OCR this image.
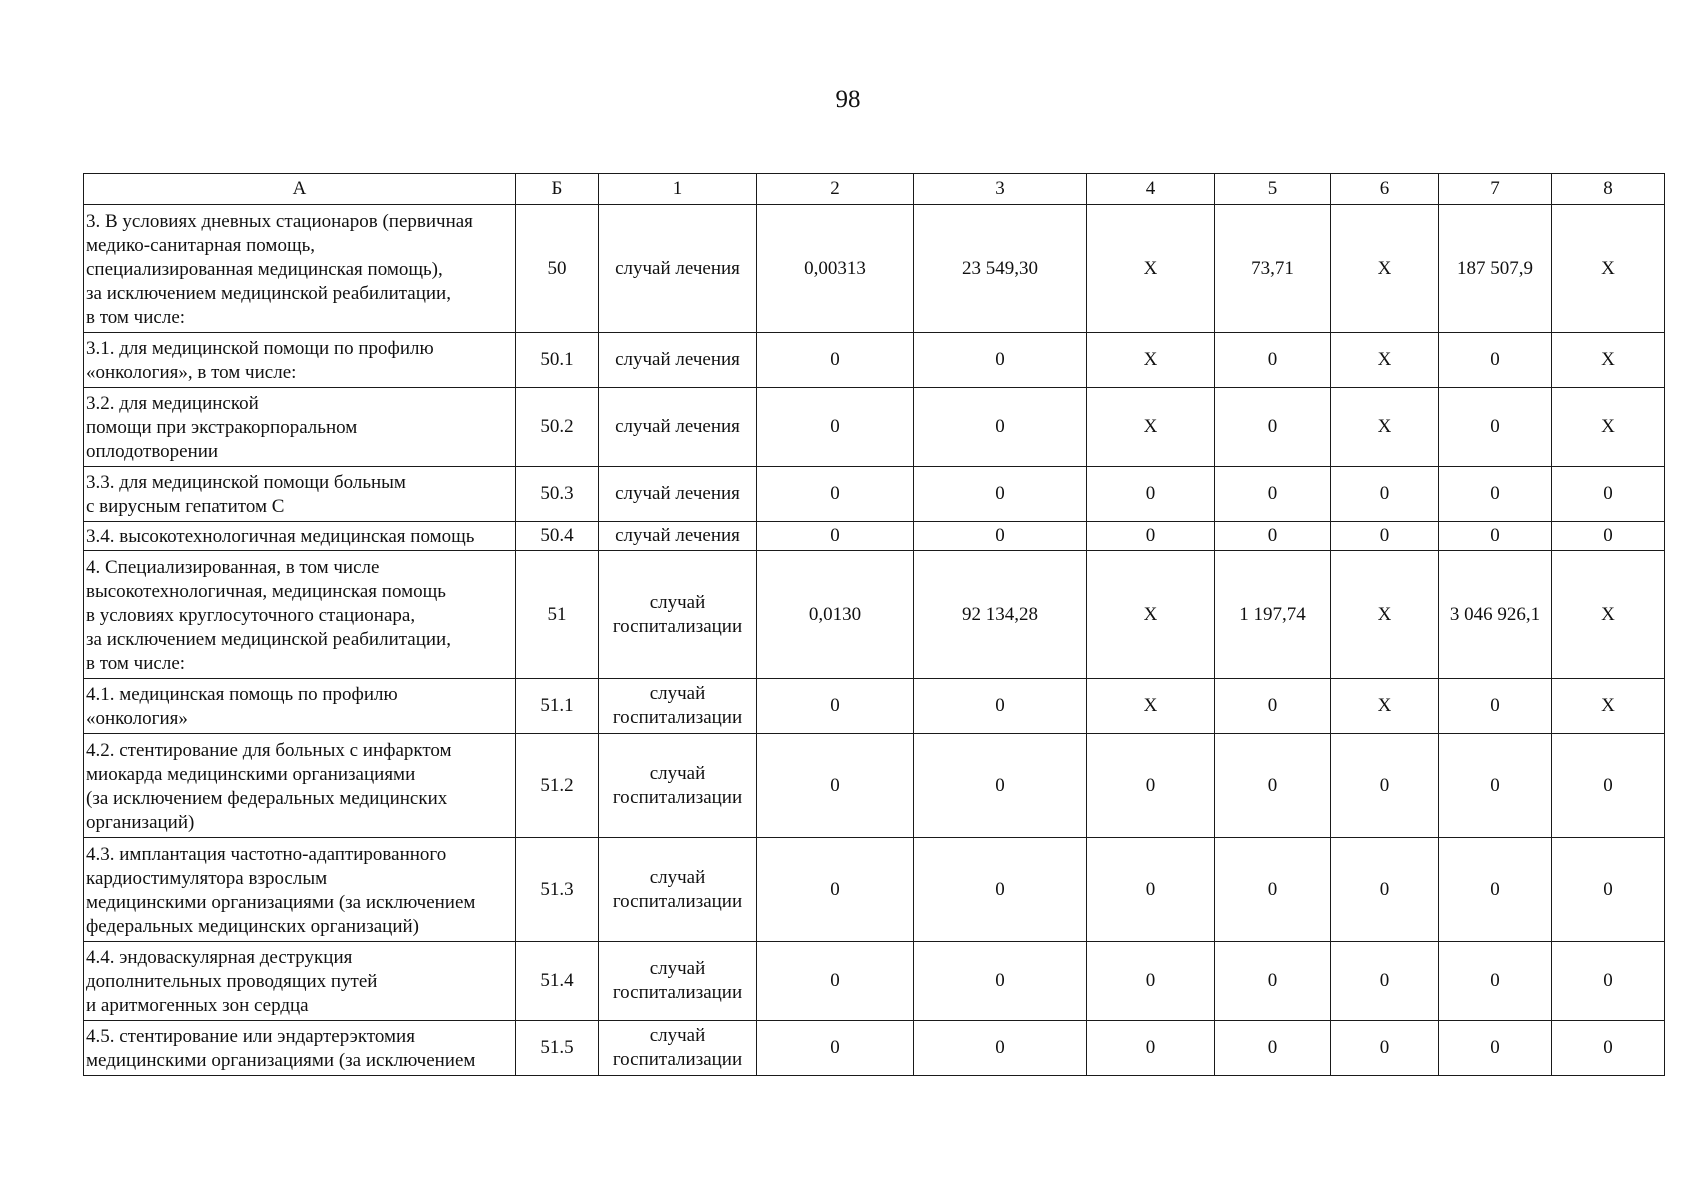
98
А	Б	1	2	3	4	5	6	7	8
3. В условиях дневных стационаров (первичная
медико-санитарная помощь,
специализированная медицинская помощь),
за исключением медицинской реабилитации,
в том числе:	50	случай лечения	0,00313	23 549,30	Х	73,71	Х	187 507,9	Х
3.1. для медицинской помощи по профилю
«онкология», в том числе:	50.1	случай лечения	0	0	Х	0	Х	0	Х
3.2. для медицинской
помощи при экстракорпоральном
оплодотворении	50.2	случай лечения	0	0	Х	0	Х	0	Х
3.3. для медицинской помощи больным
с вирусным гепатитом С	50.3	случай лечения	0	0	0	0	0	0	0
3.4. высокотехнологичная медицинская помощь	50.4	случай лечения	0	0	0	0	0	0	0
4. Специализированная, в том числе
высокотехнологичная, медицинская помощь
в условиях круглосуточного стационара,
за исключением медицинской реабилитации,
в том числе:	51	случай
госпитализации	0,0130	92 134,28	Х	1 197,74	Х	3 046 926,1	Х
4.1. медицинская помощь по профилю
«онкология»	51.1	случай
госпитализации	0	0	Х	0	Х	0	Х
4.2. стентирование для больных с инфарктом
миокарда медицинскими организациями
(за исключением федеральных медицинских
организаций)	51.2	случай
госпитализации	0	0	0	0	0	0	0
4.3. имплантация частотно-адаптированного
кардиостимулятора взрослым
медицинскими организациями (за исключением
федеральных медицинских организаций)	51.3	случай
госпитализации	0	0	0	0	0	0	0
4.4. эндоваскулярная деструкция
дополнительных проводящих путей
и аритмогенных зон сердца	51.4	случай
госпитализации	0	0	0	0	0	0	0
4.5. стентирование или эндартерэктомия
медицинскими организациями (за исключением	51.5	случай
госпитализации	0	0	0	0	0	0	0
